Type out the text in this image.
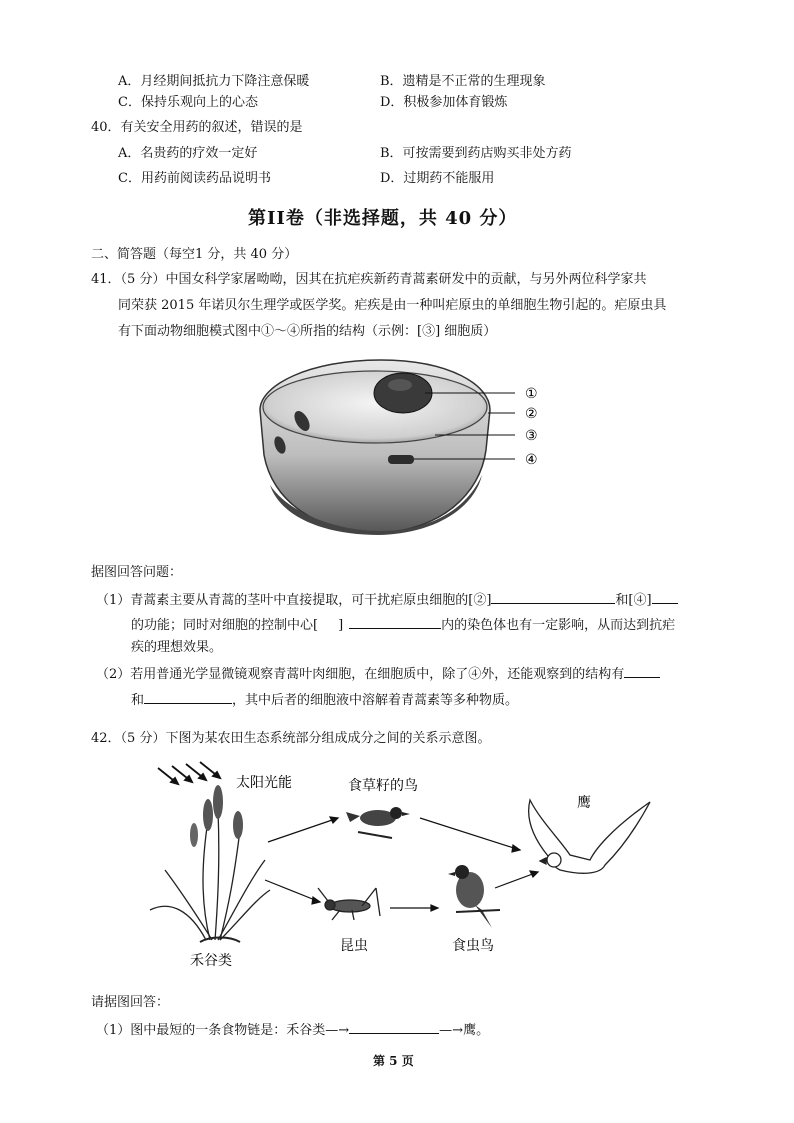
A．月经期间抵抗力下降注意保暖	B．遗精是不正常的生理现象
C．保持乐观向上的心态	D．积极参加体育锻炼
40．有关安全用药的叙述，错误的是
A．名贵药的疗效一定好	B．可按需要到药店购买非处方药
C．用药前阅读药品说明书	D．过期药不能服用
第II卷（非选择题，共 40 分）
二、简答题（每空1 分，共 40 分）
41．（5 分）中国女科学家屠呦呦，因其在抗疟疾新药青蒿素研发中的贡献，与另外两位科学家共
同荣获 2015 年诺贝尔生理学或医学奖。疟疾是由一种叫疟原虫的单细胞生物引起的。疟原虫具
有下面动物细胞模式图中①～④所指的结构（示例：[③] 细胞质）
①
②
③
④
据图回答问题：
（1）青蒿素主要从青蒿的茎叶中直接提取，可干扰疟原虫细胞的[②]	和[④]
的功能；同时对细胞的控制中心[ ]	内的染色体也有一定影响，从而达到抗疟
疾的理想效果。
（2）若用普通光学显微镜观察青蒿叶肉细胞，在细胞质中，除了④外，还能观察到的结构有
和	，其中后者的细胞液中溶解着青蒿素等多种物质。
42．（5 分）下图为某农田生态系统部分组成成分之间的关系示意图。
太阳光能
禾谷类
食草籽的鸟
鹰
昆虫	食虫鸟
请据图回答：
（1）图中最短的一条食物链是：禾谷类—→	—→鹰。
第 5 页
